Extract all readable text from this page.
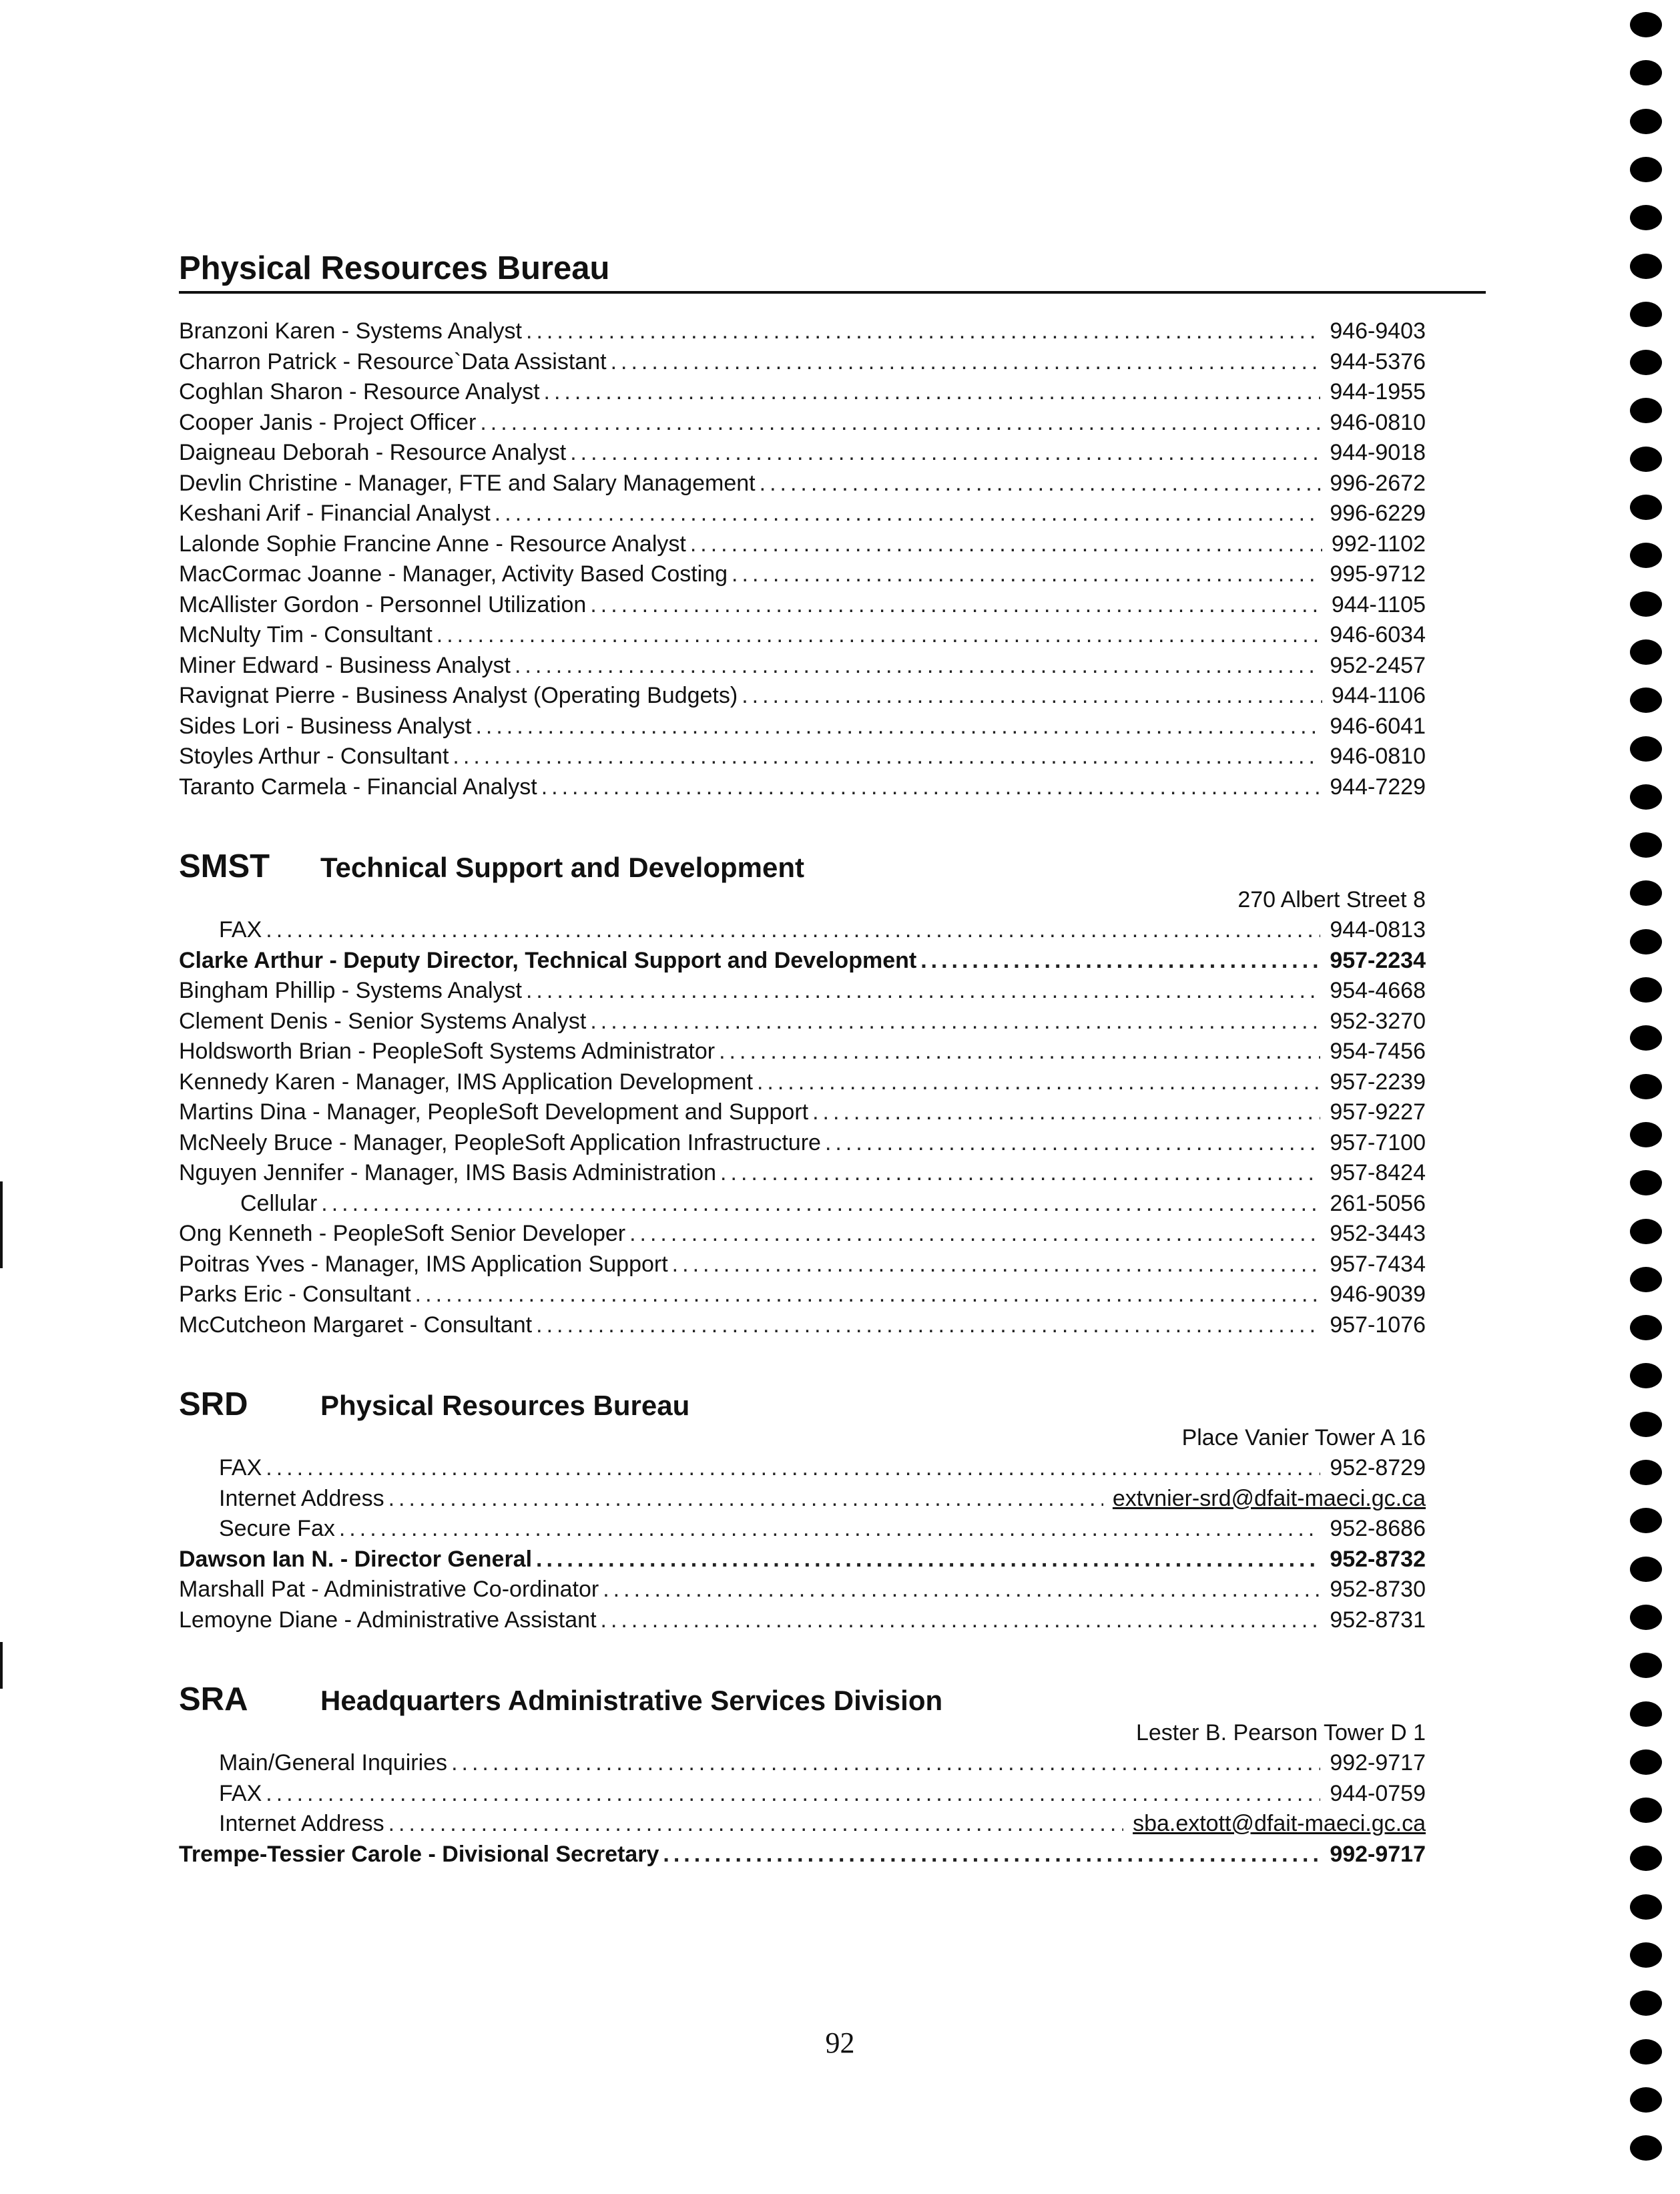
Physical Resources Bureau
Branzoni Karen - Systems Analyst .....	946-9403
Charron Patrick - Resource`Data Assistant .....	944-5376
Coghlan Sharon - Resource Analyst .....	944-1955
Cooper Janis - Project Officer .....	946-0810
Daigneau Deborah - Resource Analyst .....	944-9018
Devlin Christine - Manager, FTE and Salary Management .....	996-2672
Keshani Arif - Financial Analyst .....	996-6229
Lalonde Sophie Francine Anne - Resource Analyst .....	992-1102
MacCormac Joanne - Manager, Activity Based Costing .....	995-9712
McAllister Gordon - Personnel Utilization .....	944-1105
McNulty Tim - Consultant .....	946-6034
Miner Edward - Business Analyst .....	952-2457
Ravignat Pierre - Business Analyst (Operating Budgets) .....	944-1106
Sides Lori - Business Analyst .....	946-6041
Stoyles Arthur - Consultant .....	946-0810
Taranto Carmela - Financial Analyst .....	944-7229
SMST	Technical Support and Development
270 Albert Street 8
FAX .....	944-0813
Clarke Arthur - Deputy Director, Technical Support and Development .....	957-2234
Bingham Phillip - Systems Analyst .....	954-4668
Clement Denis - Senior Systems Analyst .....	952-3270
Holdsworth Brian - PeopleSoft Systems Administrator .....	954-7456
Kennedy Karen - Manager, IMS Application Development .....	957-2239
Martins Dina - Manager, PeopleSoft Development and Support .....	957-9227
McNeely Bruce - Manager, PeopleSoft Application Infrastructure .....	957-7100
Nguyen Jennifer - Manager, IMS Basis Administration .....	957-8424
Cellular .....	261-5056
Ong Kenneth - PeopleSoft Senior Developer .....	952-3443
Poitras Yves - Manager, IMS Application Support .....	957-7434
Parks Eric - Consultant .....	946-9039
McCutcheon Margaret - Consultant .....	957-1076
SRD	Physical Resources Bureau
Place Vanier Tower A 16
FAX .....	952-8729
Internet Address .....	extvnier-srd@dfait-maeci.gc.ca
Secure Fax .....	952-8686
Dawson Ian N. - Director General .....	952-8732
Marshall Pat - Administrative Co-ordinator .....	952-8730
Lemoyne Diane - Administrative Assistant .....	952-8731
SRA	Headquarters Administrative Services Division
Lester B. Pearson Tower D 1
Main/General Inquiries .....	992-9717
FAX .....	944-0759
Internet Address .....	sba.extott@dfait-maeci.gc.ca
Trempe-Tessier Carole - Divisional Secretary .....	992-9717
92
